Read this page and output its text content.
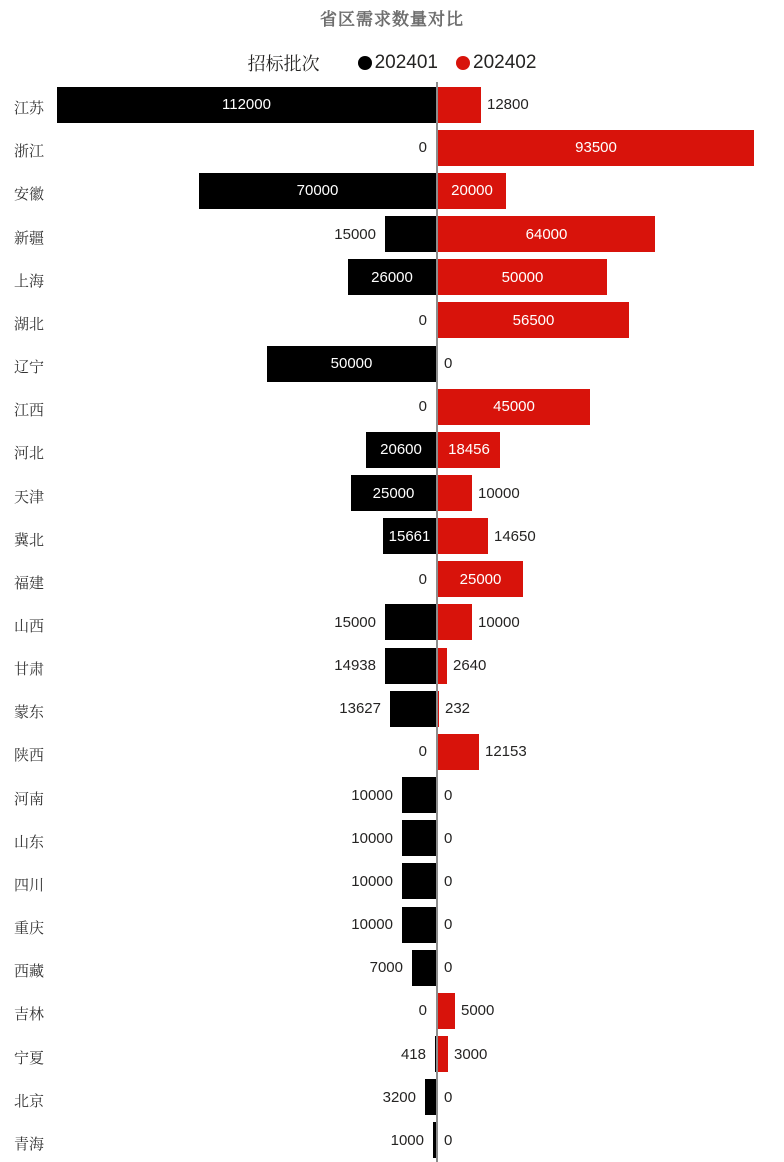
省区需求数量对比
招标批次	202401 202402
江苏	112000	12800
浙江	0	93500
安徽	70000	20000
新疆	15000	64000
上海	26000	50000
湖北	0	56500
辽宁	50000	0
江西	0	45000
河北	20600	18456
天津	25000	10000
冀北	15661	14650
福建	0	25000
山西	15000	10000
甘肃	14938	2640
蒙东	13627	232
陕西	0	12153
河南	10000	0
山东	10000	0
四川	10000	0
重庆	10000	0
西藏	7000	0
吉林	0 5000
宁夏	418 3000
北京	3200 0
青海	1000 0
